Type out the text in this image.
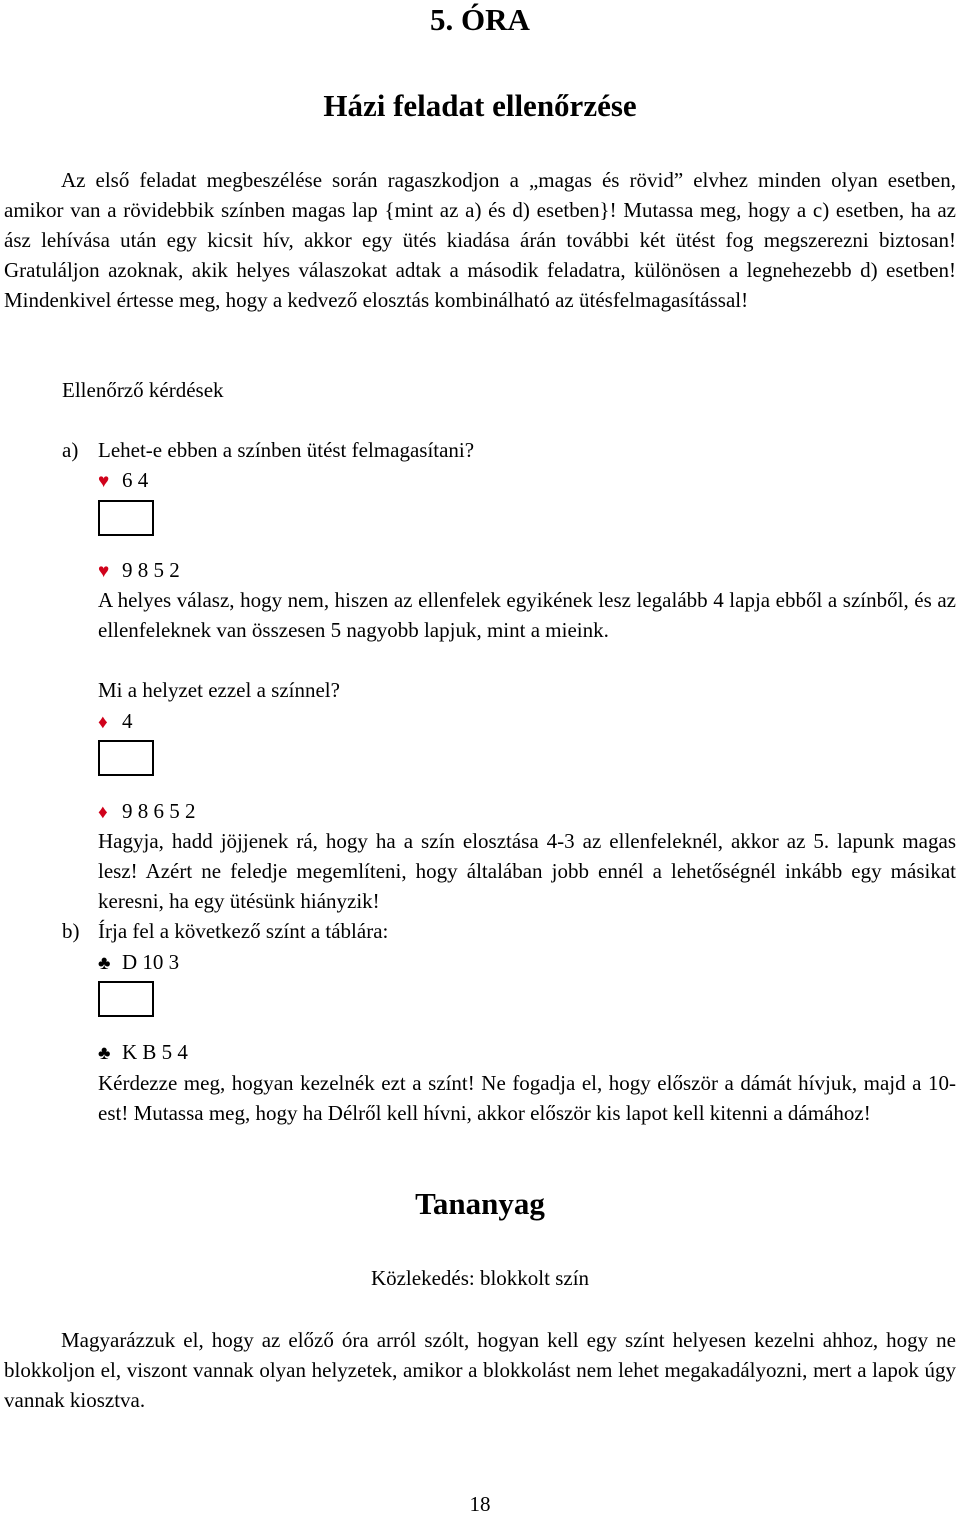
5. ÓRA
Házi feladat ellenőrzése
Az első feladat megbeszélése során ragaszkodjon a „magas és rövid” elvhez minden olyan esetben, amikor van a rövidebbik színben magas lap {mint az a) és d) esetben}! Mutassa meg, hogy a c) esetben, ha az ász lehívása után egy kicsit hív, akkor egy ütés kiadása árán további két ütést fog megszerezni biztosan! Gratuláljon azoknak, akik helyes válaszokat adtak a második feladatra, különösen a legnehezebb d) esetben! Mindenkivel értesse meg, hogy a kedvező elosztás kombinálható az ütésfelmagasítással!
Ellenőrző kérdések
a) Lehet-e ebben a színben ütést felmagasítani?
♥ 6 4
♥ 9 8 5 2
A helyes válasz, hogy nem, hiszen az ellenfelek egyikének lesz legalább 4 lapja ebből a színből, és az ellenfeleknek van összesen 5 nagyobb lapjuk, mint a mieink.
Mi a helyzet ezzel a színnel?
♦ 4
♦ 9 8 6 5 2
Hagyja, hadd jöjjenek rá, hogy ha a szín elosztása 4-3 az ellenfeleknél, akkor az 5. lapunk magas lesz! Azért ne feledje megemlíteni, hogy általában jobb ennél a lehetőségnél inkább egy másikat keresni, ha egy ütésünk hiányzik!
b) Írja fel a következő színt a táblára:
♣ D 10 3
♣ K B 5 4
Kérdezze meg, hogyan kezelnék ezt a színt! Ne fogadja el, hogy először a dámát hívjuk, majd a 10-est! Mutassa meg, hogy ha Délről kell hívni, akkor először kis lapot kell kitenni a dámához!
Tananyag
Közlekedés: blokkolt szín
Magyarázzuk el, hogy az előző óra arról szólt, hogyan kell egy színt helyesen kezelni ahhoz, hogy ne blokkoljon el, viszont vannak olyan helyzetek, amikor a blokkolást nem lehet megakadályozni, mert a lapok úgy vannak kiosztva.
18
